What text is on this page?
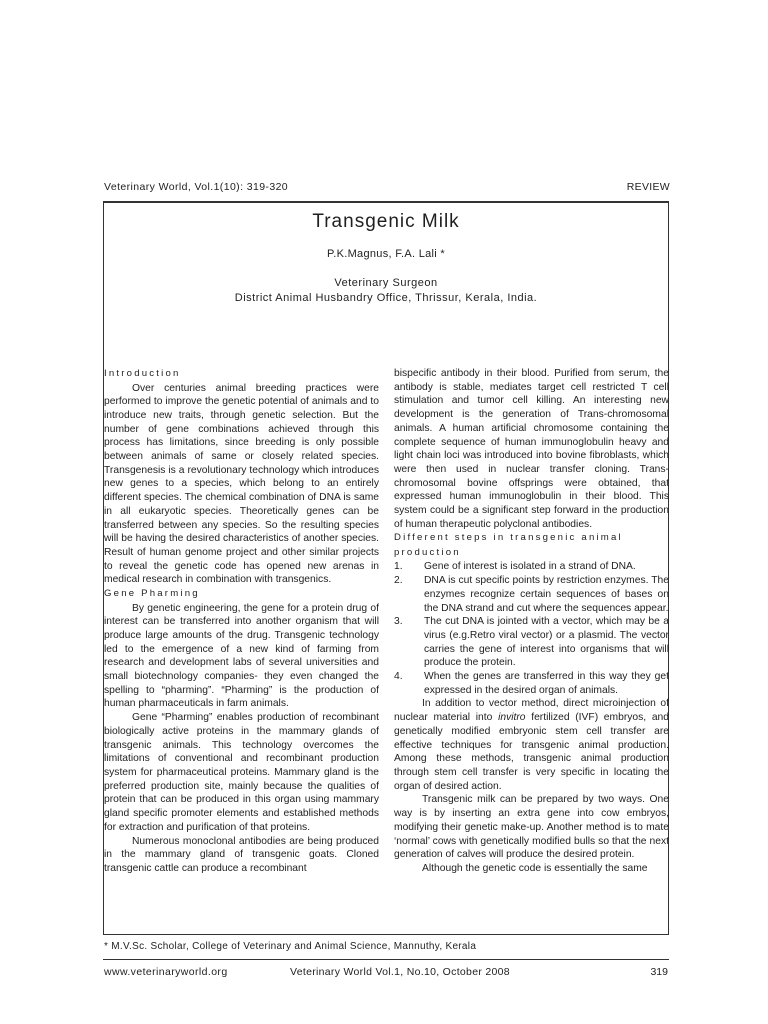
Veterinary World, Vol.1(10): 319-320	REVIEW
Transgenic Milk
P.K.Magnus, F.A. Lali *
Veterinary Surgeon
District Animal Husbandry Office, Thrissur, Kerala, India.

Introduction

Over centuries animal breeding practices were performed to improve the genetic potential of animals and to introduce new traits, through genetic selection. But the number of gene combinations achieved through this process has limitations, since breeding is only possible between animals of same or closely related species. Transgenesis is a revolutionary technology which introduces new genes to a species, which belong to an entirely different species. The chemical combination of DNA is same in all eukaryotic species. Theoretically genes can be transferred between any species. So the resulting species will be having the desired characteristics of another species. Result of human genome project and other similar projects to reveal the genetic code has opened new arenas in medical research in combination with transgenics.

Gene Pharming

By genetic engineering, the gene for a protein drug of interest can be transferred into another organism that will produce large amounts of the drug. Transgenic technology led to the emergence of a new kind of farming from research and development labs of several universities and small biotechnology companies- they even changed the spelling to “pharming”. “Pharming” is the production of human pharmaceuticals in farm animals.

Gene “Pharming” enables production of recombinant biologically active proteins in the mammary glands of transgenic animals. This technology overcomes the limitations of conventional and recombinant production system for pharmaceutical proteins. Mammary gland is the preferred production site, mainly because the qualities of protein that can be produced in this organ using mammary gland specific promoter elements and established methods for extraction and purification of that proteins.

Numerous monoclonal antibodies are being produced in the mammary gland of transgenic goats. Cloned transgenic cattle can produce a recombinant

bispecific antibody in their blood. Purified from serum, the antibody is stable, mediates target cell restricted T cell stimulation and tumor cell killing. An interesting new development is the generation of Trans-chromosomal animals. A human artificial chromosome containing the complete sequence of human immunoglobulin heavy and light chain loci was introduced into bovine fibroblasts, which were then used in nuclear transfer cloning. Trans-chromosomal bovine offsprings were obtained, that expressed human immunoglobulin in their blood. This system could be a significant step forward in the production of human therapeutic polyclonal antibodies.

Different steps in transgenic animal production

1. Gene of interest is isolated in a strand of DNA.
2. DNA is cut specific points by restriction enzymes. The enzymes recognize certain sequences of bases on the DNA strand and cut where the sequences appear.
3. The cut DNA is jointed with a vector, which may be a virus (e.g.Retro viral vector) or a plasmid. The vector carries the gene of interest into organisms that will produce the protein.
4. When the genes are transferred in this way they get expressed in the desired organ of animals.

In addition to vector method, direct microinjection of nuclear material into invitro fertilized (IVF) embryos, and genetically modified embryonic stem cell transfer are effective techniques for transgenic animal production. Among these methods, transgenic animal production through stem cell transfer is very specific in locating the organ of desired action.

Transgenic milk can be prepared by two ways. One way is by inserting an extra gene into cow embryos, modifying their genetic make-up. Another method is to mate ‘normal’ cows with genetically modified bulls so that the next generation of calves will produce the desired protein.

Although the genetic code is essentially the same

* M.V.Sc. Scholar, College of Veterinary and Animal Science, Mannuthy, Kerala
www.veterinaryworld.org	Veterinary World Vol.1, No.10, October 2008	319
